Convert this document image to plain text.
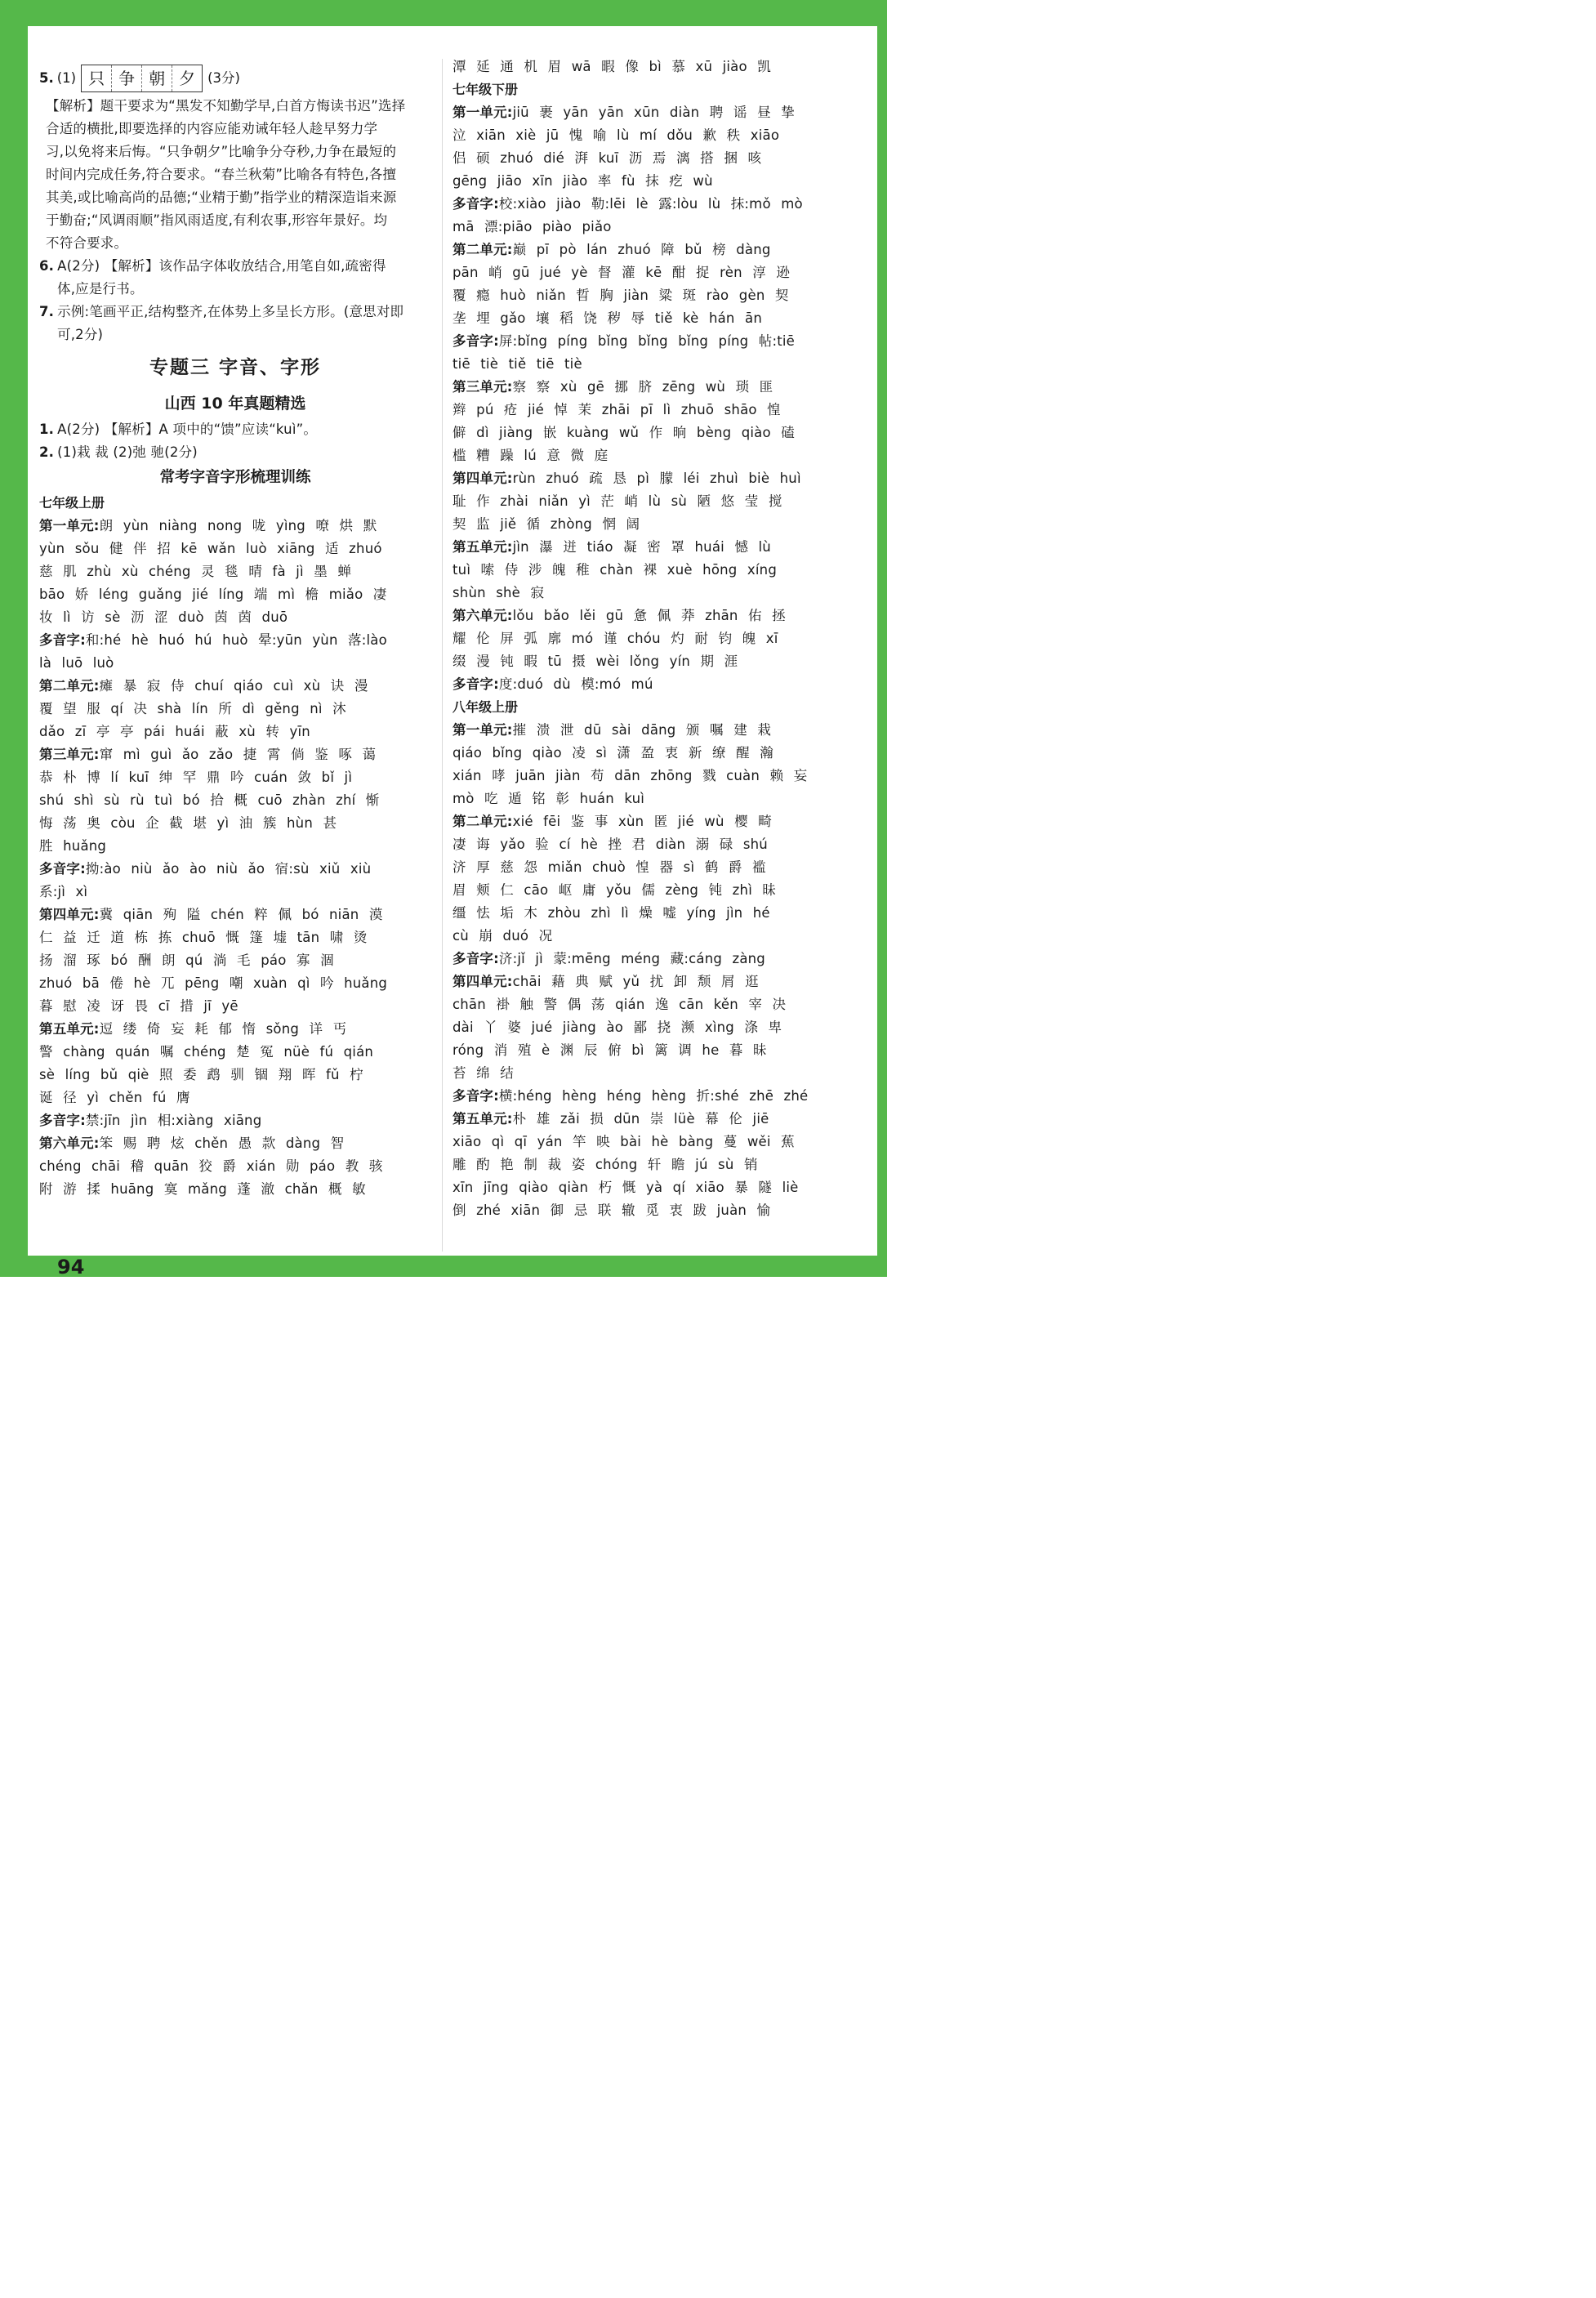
5. (1) 只 争 朝 夕 (3分)
【解析】题干要求为“黑发不知勤学早,白首方悔读书迟”选择
合适的横批,即要选择的内容应能劝诫年轻人趁早努力学
习,以免将来后悔。“只争朝夕”比喻争分夺秒,力争在最短的
时间内完成任务,符合要求。“春兰秋菊”比喻各有特色,各擅
其美,或比喻高尚的品德;“业精于勤”指学业的精深造诣来源
于勤奋;“风调雨顺”指风雨适度,有利农事,形容年景好。均
不符合要求。
6. A(2分) 【解析】该作品字体收放结合,用笔自如,疏密得
体,应是行书。
7. 示例:笔画平正,结构整齐,在体势上多呈长方形。(意思对即
可,2分)
专题三 字音、字形
山西 10 年真题精选
1. A(2分) 【解析】A 项中的“馈”应读“kuì”。
2. (1)栽 裁 (2)弛 驰(2分)
常考字音字形梳理训练
七年级上册
第一单元:朗 yùn niàng nong 咙 yìng 嘹 烘 默
yùn sǒu 健 伴 招 kē wǎn luò xiāng 适 zhuó
慈 肌 zhù xù chéng 灵 毯 晴 fà jì 墨 蝉
bāo 娇 léng guǎng jié líng 端 mì 檐 miǎo 凄
妆 lì 访 sè 沥 涩 duò 茵 茵 duō
多音字:和:hé hè huó hú huò 晕:yūn yùn 落:lào
là luō luò
第二单元:瘫 暴 寂 侍 chuí qiáo cuì xù 诀 漫
覆 望 服 qí 决 shà lín 所 dì gěng nì 沐
dǎo zī 亭 亭 pái huái 蔽 xù 转 yīn
第三单元:窜 mì guì ǎo zǎo 捷 霄 倘 鉴 啄 蔼
恭 朴 博 lí kuī 绅 罕 鼎 吟 cuán 敛 bǐ jì
shú shì sù rù tuì bó 拾 概 cuō zhàn zhí 惭
悔 荡 奥 còu 企 截 堪 yì 油 簇 hùn 甚
胜 huǎng
多音字:拗:ào niù ǎo ào niù ǎo 宿:sù xiǔ xiù
系:jì xì
第四单元:冀 qiān 殉 隘 chén 粹 佩 bó niān 漠
仁 益 迁 道 栋 拣 chuō 慨 篷 墟 tān 啸 烫
扬 溜 琢 bó 酬 朗 qú 淌 毛 páo 寡 涸
zhuó bā 倦 hè 兀 pēng 嘲 xuàn qì 吟 huǎng
暮 慰 凌 讶 畏 cī 措 jī yē
第五单元:逗 缕 倚 妄 耗 郁 惰 sǒng 详 丐
警 chàng quán 嘱 chéng 楚 冤 nüè fú qián
sè líng bǔ qiè 照 委 鹉 驯 锢 翔 晖 fǔ 柠
诞 径 yì chěn fú 膺
多音字:禁:jīn jìn 相:xiàng xiāng
第六单元:笨 赐 聘 炫 chěn 愚 款 dàng 智
chéng chāi 稽 quān 狡 爵 xián 勋 páo 教 骇
附 游 揉 huāng 寞 mǎng 蓬 澈 chǎn 概 敏
潭 延 通 机 眉 wā 暇 像 bì 慕 xū jiào 凯
七年级下册
第一单元:jiū 裹 yān yān xūn diàn 聘 谣 昼 挚
泣 xiān xiè jū 愧 喻 lù mí dǒu 歉 秩 xiāo
侣 硕 zhuó dié 湃 kuī 沥 焉 漓 搭 捆 咳
gēng jiāo xīn jiào 率 fù 抹 疙 wù
多音字:校:xiào jiào 勒:lēi lè 露:lòu lù 抹:mǒ mò
mā 漂:piāo piào piǎo
第二单元:巅 pī pò lán zhuó 障 bǔ 榜 dàng
pān 峭 gū jué yè 督 灌 kē 酣 捉 rèn 淳 逊
覆 瘾 huò niǎn 晢 胸 jiàn 粱 斑 rào gèn 契
垄 埋 gǎo 壤 稻 饶 秽 辱 tiě kè hán ān
多音字:屏:bǐng píng bǐng bǐng bǐng píng 帖:tiē
tiē tiè tiě tiē tiè
第三单元:察 察 xù gē 挪 脐 zēng wù 琐 匪
辫 pú 疮 jié 悼 茉 zhāi pī lì zhuō shāo 惶
僻 dì jiàng 嵌 kuàng wǔ 作 晌 bèng qiào 磕
槛 糟 躁 lú 意 微 庭
第四单元:rùn zhuó 疏 恳 pì 朦 léi zhuì biè huì
耻 作 zhài niǎn yì 茫 峭 lù sù 陋 悠 莹 搅
契 监 jiě 循 zhòng 惘 阔
第五单元:jìn 瀑 迸 tiáo 凝 密 罩 huái 憾 lù
tuì 嗦 侍 涉 魄 稚 chàn 裸 xuè hōng xíng
shùn shè 寂
第六单元:lǒu bǎo lěi gū 惫 佩 莽 zhān 佑 拯
耀 伦 屏 弧 廓 mó 谨 chóu 灼 耐 钧 魄 xī
缀 漫 钝 暇 tū 摄 wèi lǒng yín 期 涯
多音字:度:duó dù 模:mó mú
八年级上册
第一单元:摧 溃 泄 dū sài dāng 颁 嘱 建 栽
qiáo bǐng qiào 凌 sì 潇 盈 衷 新 缭 醒 瀚
xián 哮 juān jiàn 苟 dān zhōng 戮 cuàn 赖 妄
mò 吃 遁 铭 彰 huán kuì
第二单元:xié fēi 鉴 事 xùn 匿 jié wù 樱 畸
凄 诲 yǎo 验 cí hè 挫 君 diàn 溺 碌 shú
济 厚 慈 怨 miǎn chuò 惶 器 sì 鹤 爵 褴
眉 颊 仁 cāo 岖 庸 yǒu 儒 zèng 钝 zhì 昧
缰 怯 垢 木 zhòu zhì lì 燥 嘘 yíng jìn hé
cù 崩 duó 况
多音字:济:jǐ jì 蒙:mēng méng 藏:cáng zàng
第四单元:chāi 藉 典 赋 yǔ 扰 卸 颓 屑 逛
chān 褂 触 警 偶 荡 qián 逸 cān kěn 宰 决
dài 丫 婆 jué jiàng ào 鄙 挠 濒 xìng 涤 卑
róng 消 殖 è 渊 辰 俯 bì 篱 调 he 暮 昧
苔 绵 结
多音字:横:héng hèng héng hèng 折:shé zhē zhé
第五单元:朴 雄 zǎi 损 dūn 崇 lüè 幕 伦 jiē
xiāo qì qī yán 竿 映 bài hè bàng 蔓 wěi 蕉
雕 酌 艳 制 裁 姿 chóng 轩 瞻 jú sù 销
xīn jīng qiào qiàn 朽 慨 yà qí xiāo 暴 隧 liè
倒 zhé xiān 御 忌 联 辙 觅 衷 跋 juàn 愉
94
